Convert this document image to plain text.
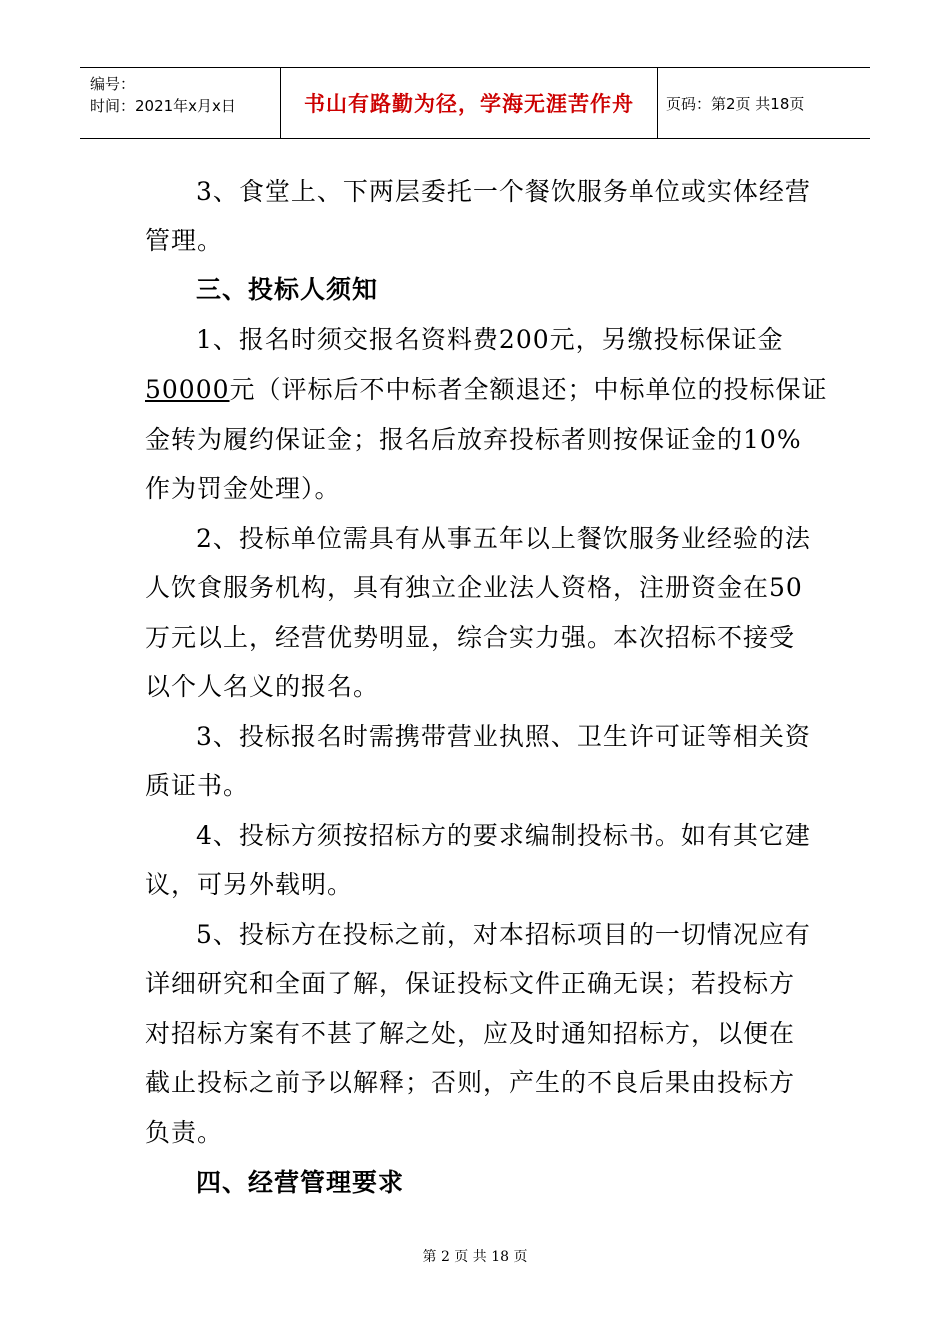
编号：
时间：2021年x月x日	书山有路勤为径，学海无涯苦作舟 页码：第2页 共18页
3、食堂上、下两层委托一个餐饮服务单位或实体经营
管理。
三、投标人须知
1、报名时须交报名资料费200元，另缴投标保证金
50000元（评标后不中标者全额退还；中标单位的投标保证
金转为履约保证金；报名后放弃投标者则按保证金的10%
作为罚金处理）。
2、投标单位需具有从事五年以上餐饮服务业经验的法
人饮食服务机构，具有独立企业法人资格，注册资金在50
万元以上，经营优势明显，综合实力强。本次招标不接受
以个人名义的报名。
3、投标报名时需携带营业执照、卫生许可证等相关资
质证书。
4、投标方须按招标方的要求编制投标书。如有其它建
议，可另外载明。
5、投标方在投标之前，对本招标项目的一切情况应有
详细研究和全面了解，保证投标文件正确无误；若投标方
对招标方案有不甚了解之处，应及时通知招标方，以便在
截止投标之前予以解释；否则，产生的不良后果由投标方
负责。
四、经营管理要求
第 2 页 共 18 页
